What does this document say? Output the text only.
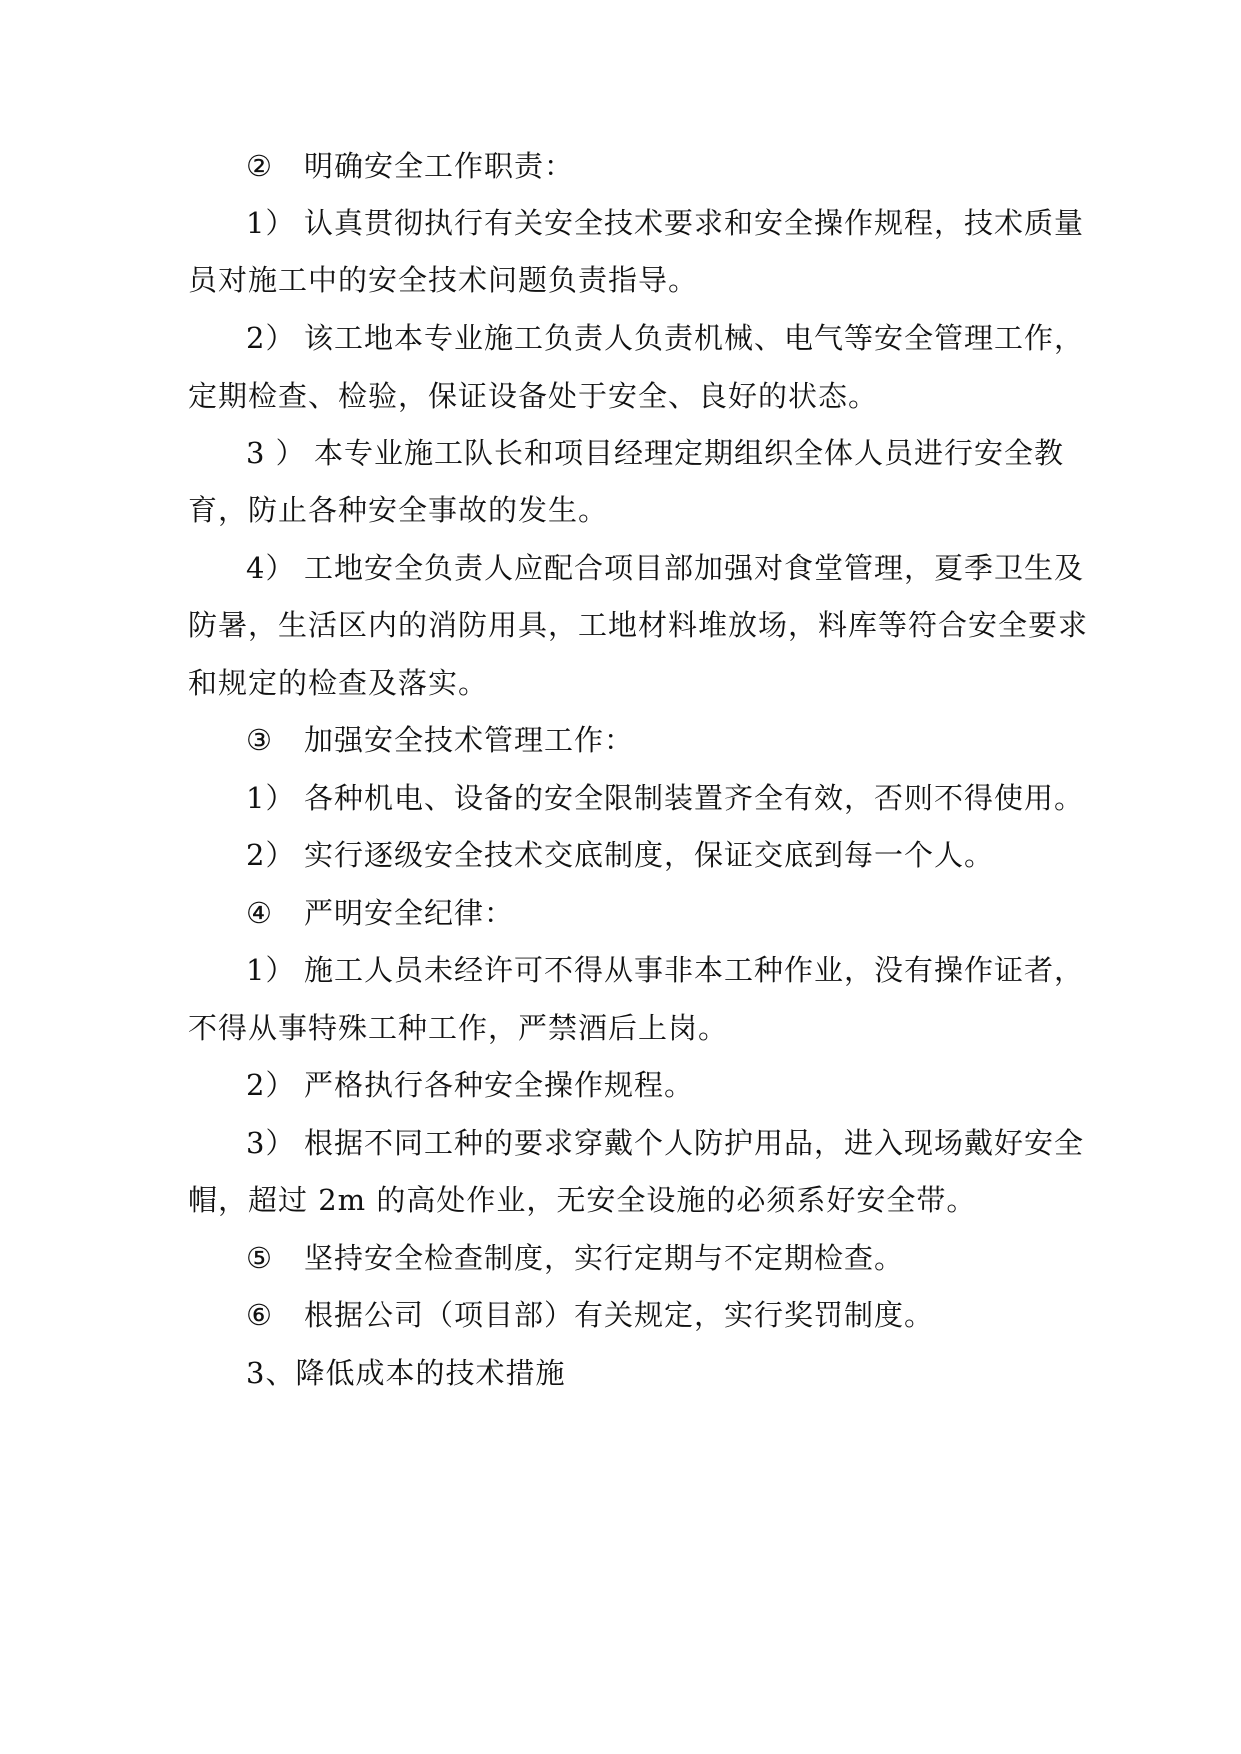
② 明确安全工作职责：
1） 认真贯彻执行有关安全技术要求和安全操作规程，技术质量
员对施工中的安全技术问题负责指导。
2） 该工地本专业施工负责人负责机械、电气等安全管理工作，
定期检查、检验，保证设备处于安全、良好的状态。
3 ） 本专业施工队长和项目经理定期组织全体人员进行安全教
育，防止各种安全事故的发生。
4） 工地安全负责人应配合项目部加强对食堂管理，夏季卫生及
防暑，生活区内的消防用具，工地材料堆放场，料库等符合安全要求
和规定的检查及落实。
③ 加强安全技术管理工作：
1） 各种机电、设备的安全限制装置齐全有效，否则不得使用。
2） 实行逐级安全技术交底制度，保证交底到每一个人。
④ 严明安全纪律：
1） 施工人员未经许可不得从事非本工种作业，没有操作证者，
不得从事特殊工种工作，严禁酒后上岗。
2） 严格执行各种安全操作规程。
3） 根据不同工种的要求穿戴个人防护用品，进入现场戴好安全
帽，超过 2m 的高处作业，无安全设施的必须系好安全带。
⑤ 坚持安全检查制度，实行定期与不定期检查。
⑥ 根据公司（项目部）有关规定，实行奖罚制度。
3、降低成本的技术措施
